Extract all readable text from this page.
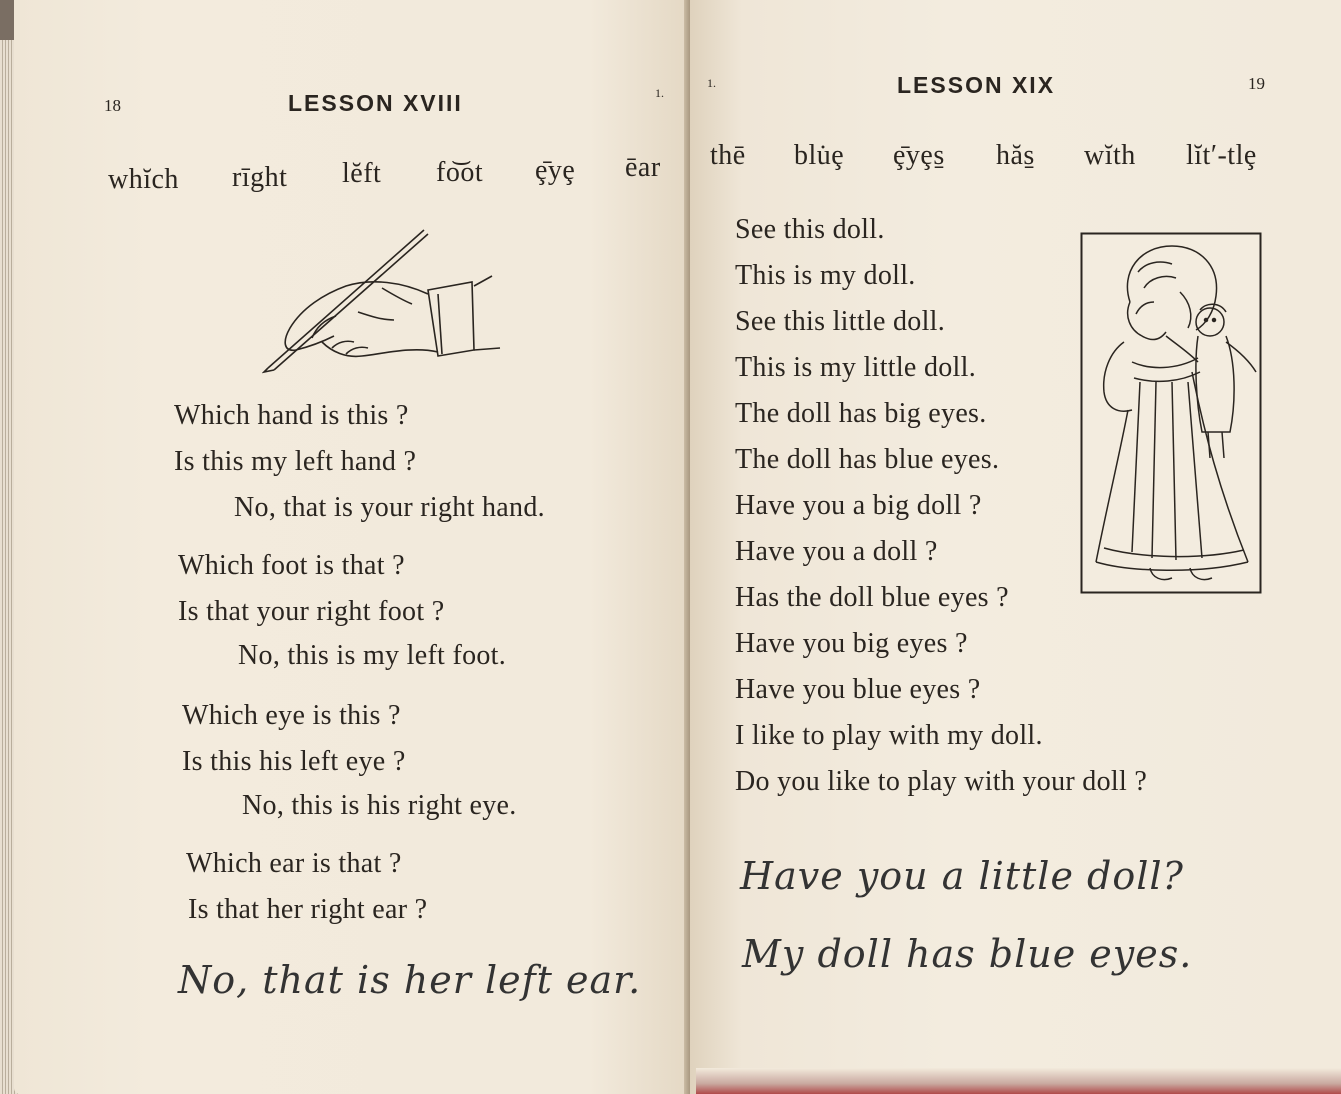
18	LESSON XVIII	1.
whĭch rīght lĕft fo͝ot ȩ̄yȩ ēar
Which hand is this ?
Is this my left hand ?
No, that is your right hand.
Which foot is that ?
Is that your right foot ?
No, this is my left foot.
Which eye is this ?
Is this his left eye ?
No, this is his right eye.
Which ear is that ?
Is that her right ear ?
No, that is her left ear.
1.	LESSON XIX	19
thē blu̇ȩ ȩ̄yȩs̱ hăs̱ wĭth lĭt′-tlȩ
See this doll.
This is my doll.
See this little doll.
This is my little doll.
The doll has big eyes.
The doll has blue eyes.
Have you a big doll ?
Have you a doll ?
Has the doll blue eyes ?
Have you big eyes ?
Have you blue eyes ?
I like to play with my doll.
Do you like to play with your doll ?
Have you a little doll?
My doll has blue eyes.
